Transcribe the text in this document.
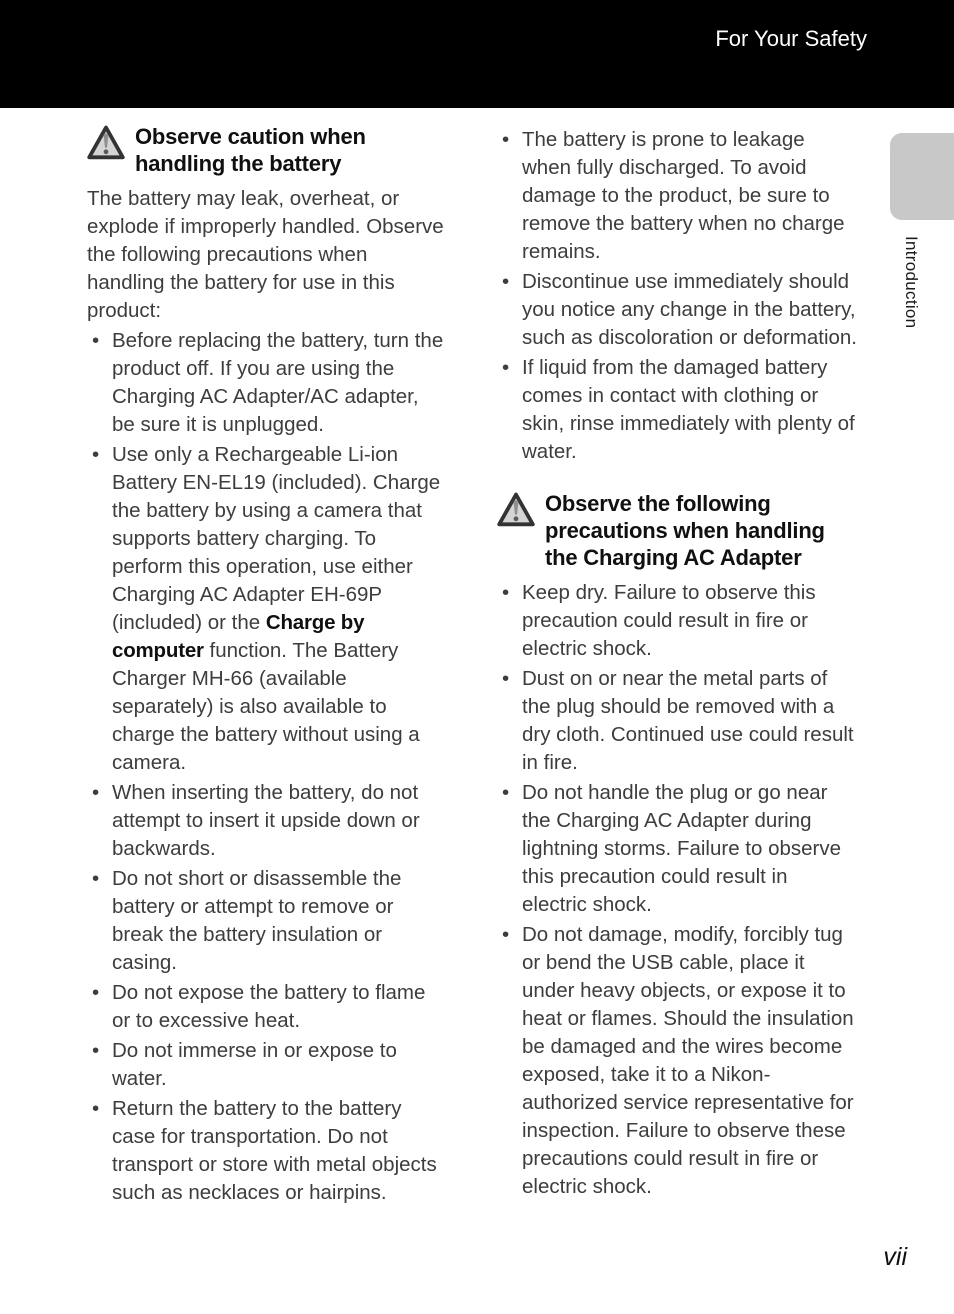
For Your Safety
Introduction
Observe caution when handling the battery

The battery may leak, overheat, or explode if improperly handled. Observe the following precautions when handling the battery for use in this product:

• Before replacing the battery, turn the product off. If you are using the Charging AC Adapter/AC adapter, be sure it is unplugged.
• Use only a Rechargeable Li-ion Battery EN-EL19 (included). Charge the battery by using a camera that supports battery charging. To perform this operation, use either Charging AC Adapter EH-69P (included) or the Charge by computer function. The Battery Charger MH-66 (available separately) is also available to charge the battery without using a camera.
• When inserting the battery, do not attempt to insert it upside down or backwards.
• Do not short or disassemble the battery or attempt to remove or break the battery insulation or casing.
• Do not expose the battery to flame or to excessive heat.
• Do not immerse in or expose to water.
• Return the battery to the battery case for transportation. Do not transport or store with metal objects such as necklaces or hairpins.
• The battery is prone to leakage when fully discharged. To avoid damage to the product, be sure to remove the battery when no charge remains.
• Discontinue use immediately should you notice any change in the battery, such as discoloration or deformation.
• If liquid from the damaged battery comes in contact with clothing or skin, rinse immediately with plenty of water.
Observe the following precautions when handling the Charging AC Adapter
• Keep dry. Failure to observe this precaution could result in fire or electric shock.
• Dust on or near the metal parts of the plug should be removed with a dry cloth. Continued use could result in fire.
• Do not handle the plug or go near the Charging AC Adapter during lightning storms. Failure to observe this precaution could result in electric shock.
• Do not damage, modify, forcibly tug or bend the USB cable, place it under heavy objects, or expose it to heat or flames. Should the insulation be damaged and the wires become exposed, take it to a Nikon-authorized service representative for inspection. Failure to observe these precautions could result in fire or electric shock.
vii
